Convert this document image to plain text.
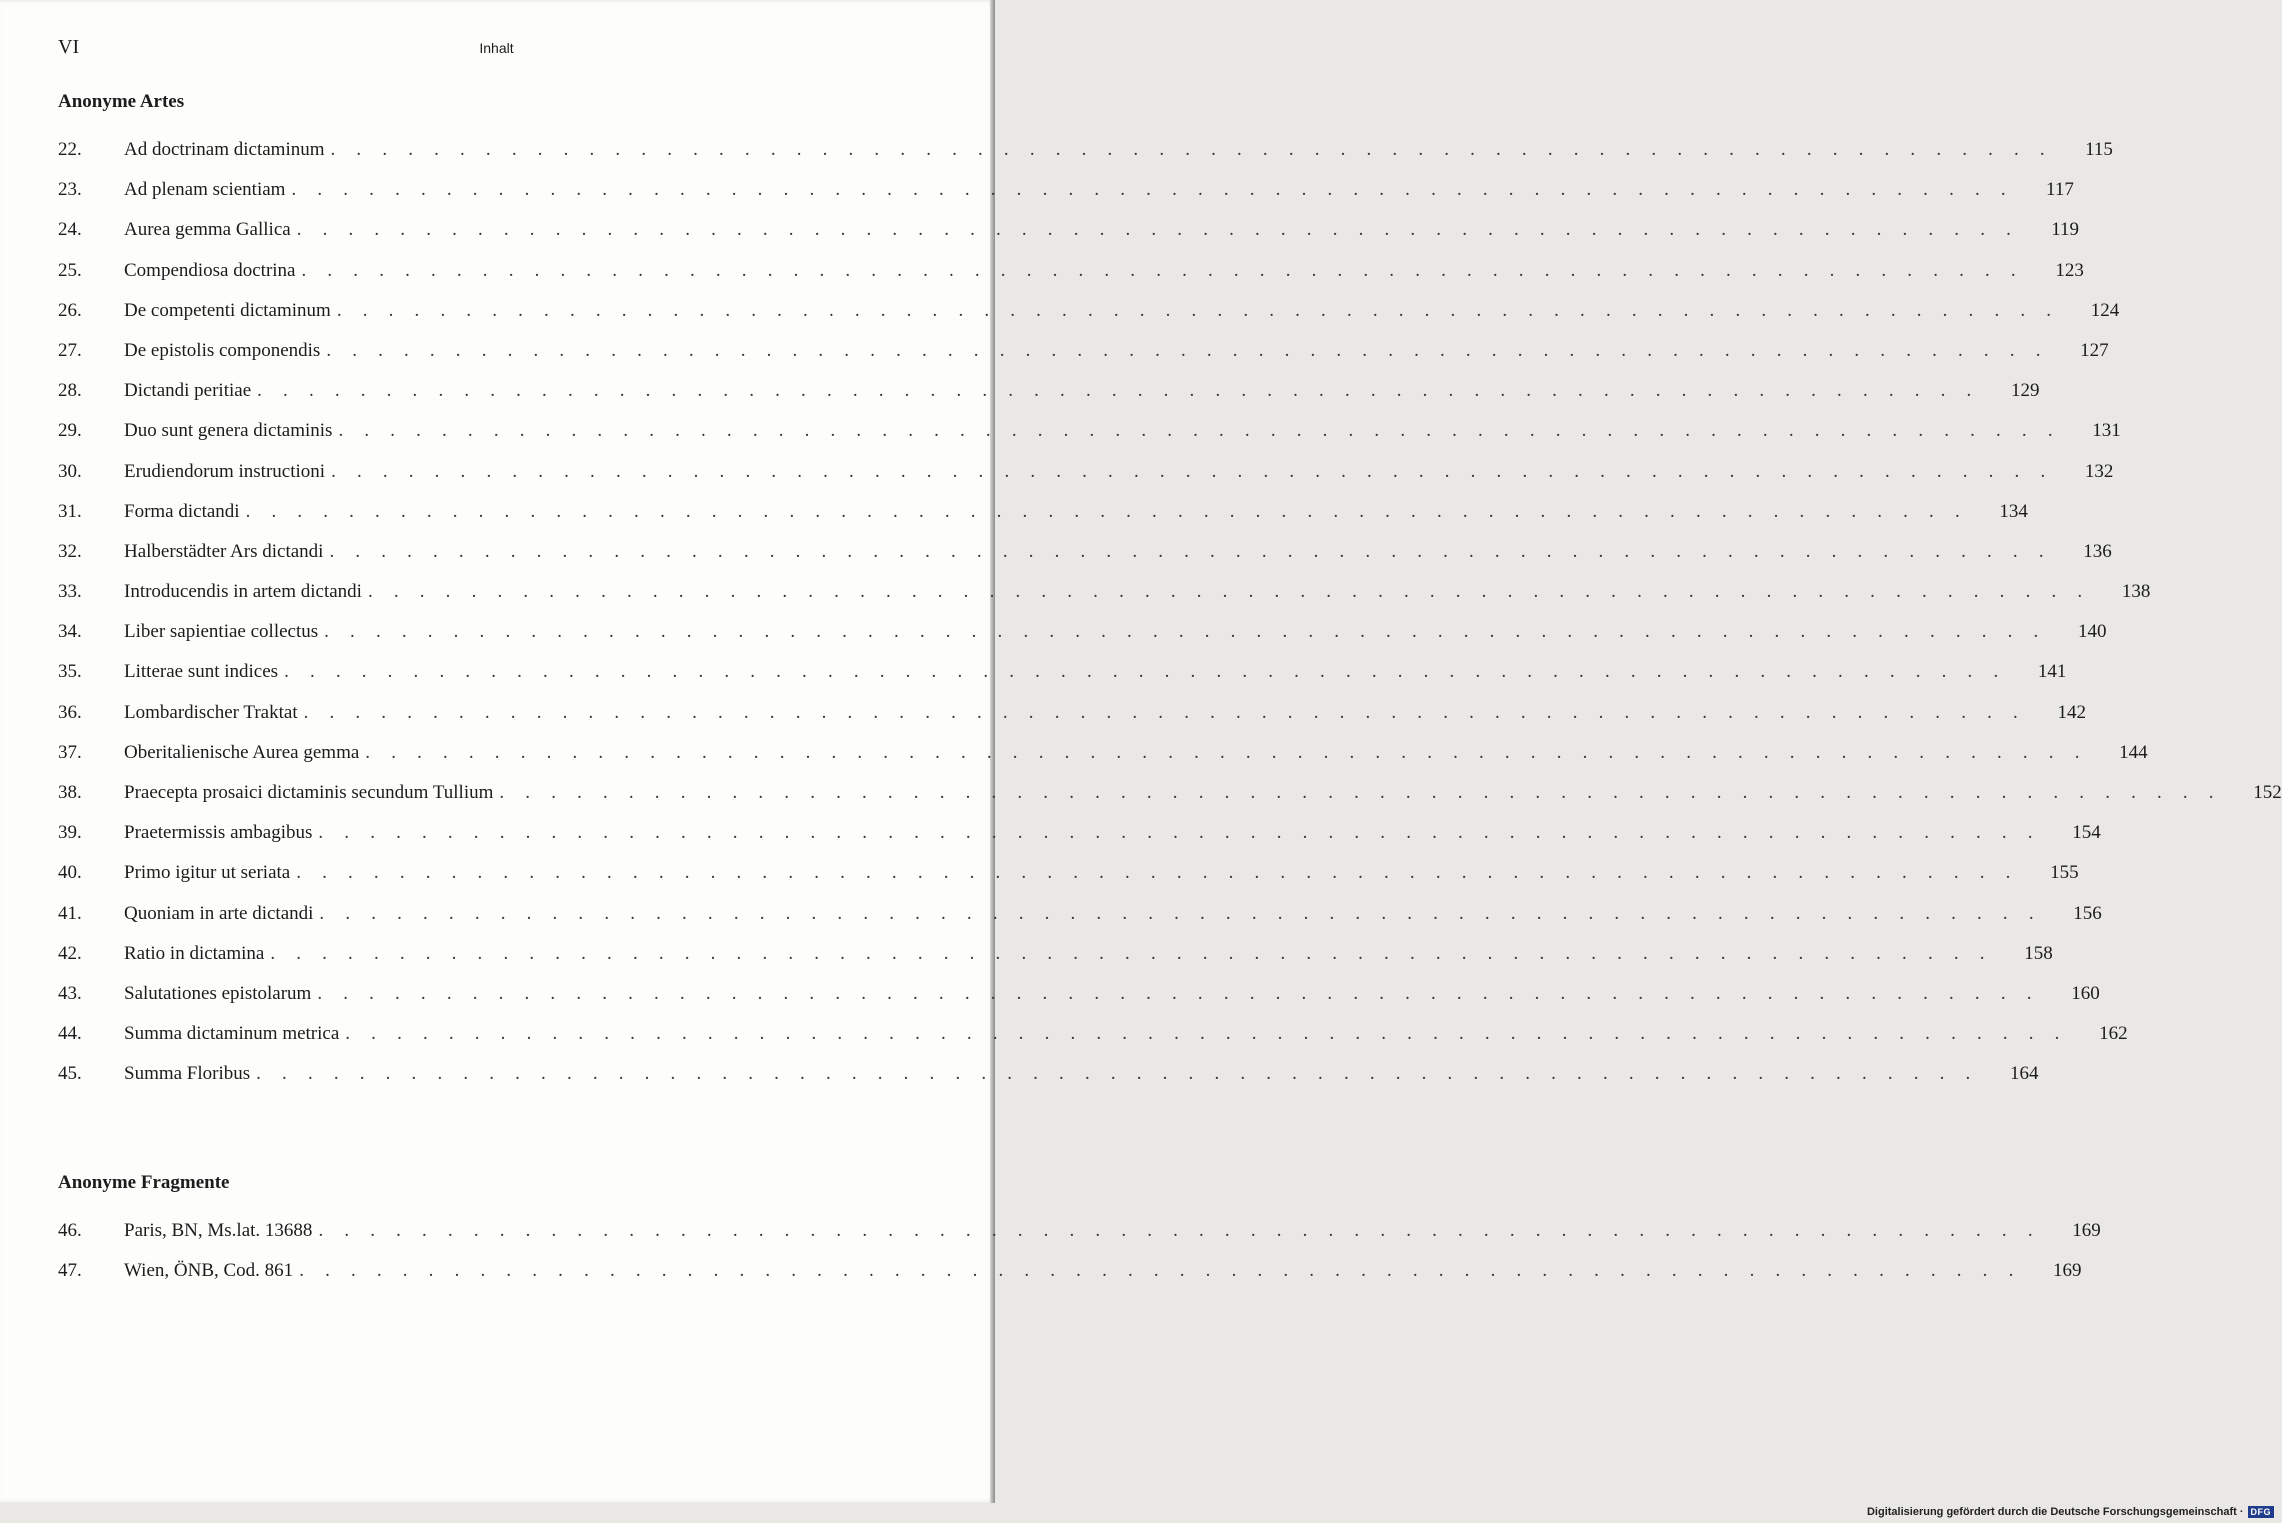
VI	Inhalt
Anonyme Artes
22.	Ad doctrinam dictaminum . . . . . . . . . . . . . . . . . . . . . . . . . . . . . . . . . . . . . . . . . . . . . . . . . . . . . . . . . . . . . . . . . . .	115
23.	Ad plenam scientiam . . . . . . . . . . . . . . . . . . . . . . . . . . . . . . . . . . . . . . . . . . . . . . . . . . . . . . . . . . . . . . . . . . .	117
24.	Aurea gemma Gallica . . . . . . . . . . . . . . . . . . . . . . . . . . . . . . . . . . . . . . . . . . . . . . . . . . . . . . . . . . . . . . . . . . .	119
25.	Compendiosa doctrina . . . . . . . . . . . . . . . . . . . . . . . . . . . . . . . . . . . . . . . . . . . . . . . . . . . . . . . . . . . . . . . . . . .	123
26.	De competenti dictaminum . . . . . . . . . . . . . . . . . . . . . . . . . . . . . . . . . . . . . . . . . . . . . . . . . . . . . . . . . . . . . . . . . . .	124
27.	De epistolis componendis . . . . . . . . . . . . . . . . . . . . . . . . . . . . . . . . . . . . . . . . . . . . . . . . . . . . . . . . . . . . . . . . . . .	127
28.	Dictandi peritiae . . . . . . . . . . . . . . . . . . . . . . . . . . . . . . . . . . . . . . . . . . . . . . . . . . . . . . . . . . . . . . . . . . .	129
29.	Duo sunt genera dictaminis . . . . . . . . . . . . . . . . . . . . . . . . . . . . . . . . . . . . . . . . . . . . . . . . . . . . . . . . . . . . . . . . . . .	131
30.	Erudiendorum instructioni . . . . . . . . . . . . . . . . . . . . . . . . . . . . . . . . . . . . . . . . . . . . . . . . . . . . . . . . . . . . . . . . . . .	132
31.	Forma dictandi . . . . . . . . . . . . . . . . . . . . . . . . . . . . . . . . . . . . . . . . . . . . . . . . . . . . . . . . . . . . . . . . . . .	134
32.	Halberstädter Ars dictandi . . . . . . . . . . . . . . . . . . . . . . . . . . . . . . . . . . . . . . . . . . . . . . . . . . . . . . . . . . . . . . . . . . .	136
33.	Introducendis in artem dictandi . . . . . . . . . . . . . . . . . . . . . . . . . . . . . . . . . . . . . . . . . . . . . . . . . . . . . . . . . . . . . . . . . . .	138
34.	Liber sapientiae collectus . . . . . . . . . . . . . . . . . . . . . . . . . . . . . . . . . . . . . . . . . . . . . . . . . . . . . . . . . . . . . . . . . . .	140
35.	Litterae sunt indices . . . . . . . . . . . . . . . . . . . . . . . . . . . . . . . . . . . . . . . . . . . . . . . . . . . . . . . . . . . . . . . . . . .	141
36.	Lombardischer Traktat . . . . . . . . . . . . . . . . . . . . . . . . . . . . . . . . . . . . . . . . . . . . . . . . . . . . . . . . . . . . . . . . . . .	142
37.	Oberitalienische Aurea gemma . . . . . . . . . . . . . . . . . . . . . . . . . . . . . . . . . . . . . . . . . . . . . . . . . . . . . . . . . . . . . . . . . . .	144
38.	Praecepta prosaici dictaminis secundum Tullium . . . . . . . . . . . . . . . . . . . . . . . . . . . . . . . . . . . . . . . . . . . . . . . . . . . . . . . . . . . . . . . . . . .	152
39.	Praetermissis ambagibus . . . . . . . . . . . . . . . . . . . . . . . . . . . . . . . . . . . . . . . . . . . . . . . . . . . . . . . . . . . . . . . . . . .	154
40.	Primo igitur ut seriata . . . . . . . . . . . . . . . . . . . . . . . . . . . . . . . . . . . . . . . . . . . . . . . . . . . . . . . . . . . . . . . . . . .	155
41.	Quoniam in arte dictandi . . . . . . . . . . . . . . . . . . . . . . . . . . . . . . . . . . . . . . . . . . . . . . . . . . . . . . . . . . . . . . . . . . .	156
42.	Ratio in dictamina . . . . . . . . . . . . . . . . . . . . . . . . . . . . . . . . . . . . . . . . . . . . . . . . . . . . . . . . . . . . . . . . . . .	158
43.	Salutationes epistolarum . . . . . . . . . . . . . . . . . . . . . . . . . . . . . . . . . . . . . . . . . . . . . . . . . . . . . . . . . . . . . . . . . . .	160
44.	Summa dictaminum metrica . . . . . . . . . . . . . . . . . . . . . . . . . . . . . . . . . . . . . . . . . . . . . . . . . . . . . . . . . . . . . . . . . . .	162
45.	Summa Floribus . . . . . . . . . . . . . . . . . . . . . . . . . . . . . . . . . . . . . . . . . . . . . . . . . . . . . . . . . . . . . . . . . . .	164
Anonyme Fragmente
46.	Paris, BN, Ms.lat. 13688 . . . . . . . . . . . . . . . . . . . . . . . . . . . . . . . . . . . . . . . . . . . . . . . . . . . . . . . . . . . . . . . . . . .	169
47.	Wien, ÖNB, Cod. 861 . . . . . . . . . . . . . . . . . . . . . . . . . . . . . . . . . . . . . . . . . . . . . . . . . . . . . . . . . . . . . . . . . . .	169
Digitalisierung gefördert durch die Deutsche Forschungsgemeinschaft · DFG
